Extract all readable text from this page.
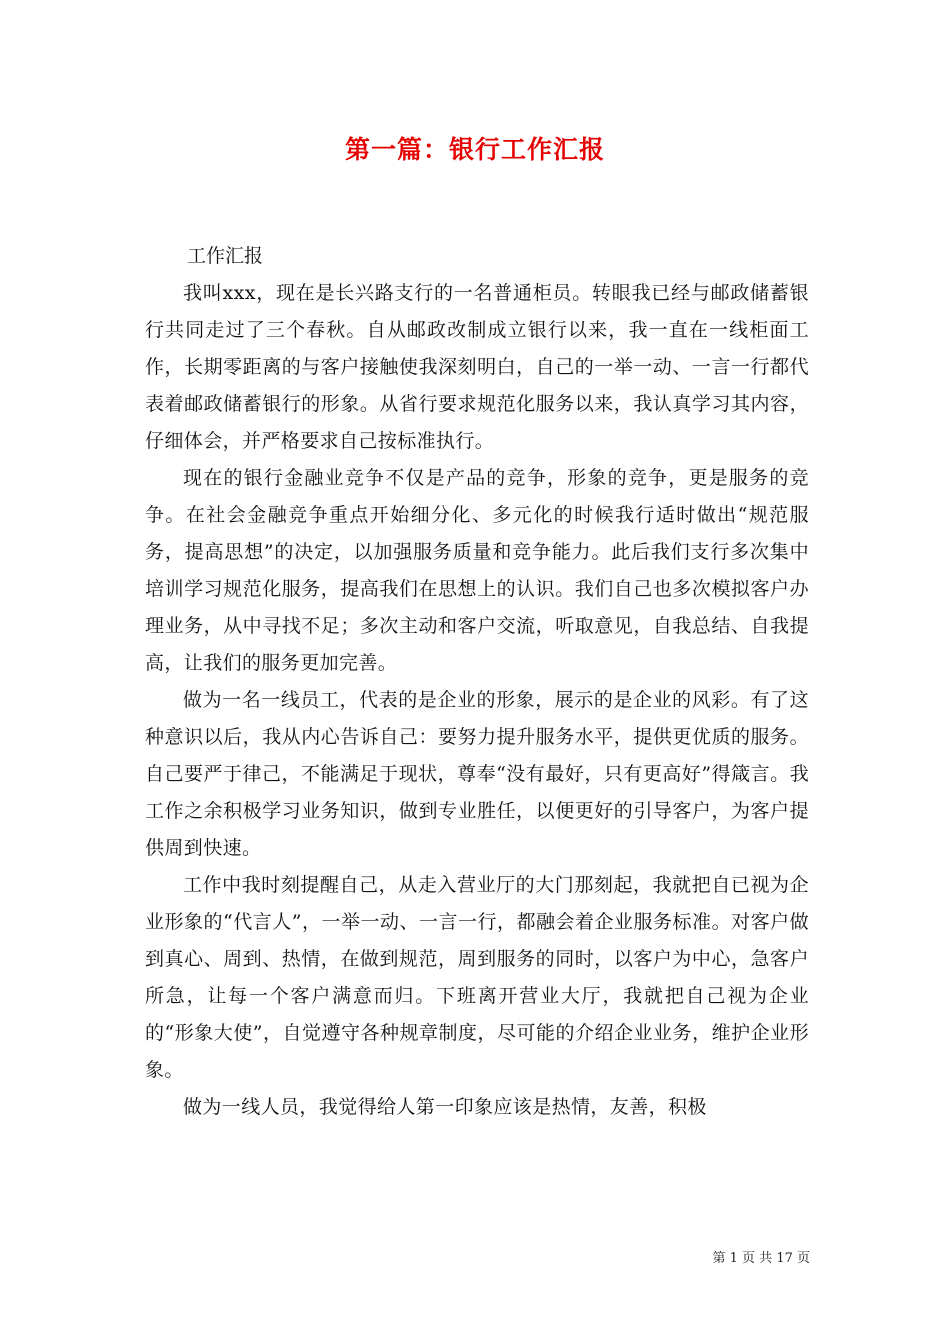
第一篇：银行工作汇报
工作汇报

我叫xxx，现在是长兴路支行的一名普通柜员。转眼我已经与邮政储蓄银行共同走过了三个春秋。自从邮政改制成立银行以来，我一直在一线柜面工作，长期零距离的与客户接触使我深刻明白，自己的一举一动、一言一行都代表着邮政储蓄银行的形象。从省行要求规范化服务以来，我认真学习其内容，仔细体会，并严格要求自己按标准执行。

现在的银行金融业竞争不仅是产品的竞争，形象的竞争，更是服务的竞争。在社会金融竞争重点开始细分化、多元化的时候我行适时做出“规范服务，提高思想”的决定，以加强服务质量和竞争能力。此后我们支行多次集中培训学习规范化服务，提高我们在思想上的认识。我们自己也多次模拟客户办理业务，从中寻找不足；多次主动和客户交流，听取意见，自我总结、自我提高，让我们的服务更加完善。

做为一名一线员工，代表的是企业的形象，展示的是企业的风彩。有了这种意识以后，我从内心告诉自己：要努力提升服务水平，提供更优质的服务。自己要严于律己，不能满足于现状，尊奉“没有最好，只有更高好”得箴言。我工作之余积极学习业务知识，做到专业胜任，以便更好的引导客户，为客户提供周到快速。

工作中我时刻提醒自己，从走入营业厅的大门那刻起，我就把自已视为企业形象的“代言人”，一举一动、一言一行，都融会着企业服务标准。对客户做到真心、周到、热情，在做到规范，周到服务的同时，以客户为中心，急客户所急，让每一个客户满意而归。下班离开营业大厅，我就把自己视为企业的“形象大使”，自觉遵守各种规章制度，尽可能的介绍企业业务，维护企业形象。

做为一线人员，我觉得给人第一印象应该是热情，友善，积极

第 1 页 共 17 页
